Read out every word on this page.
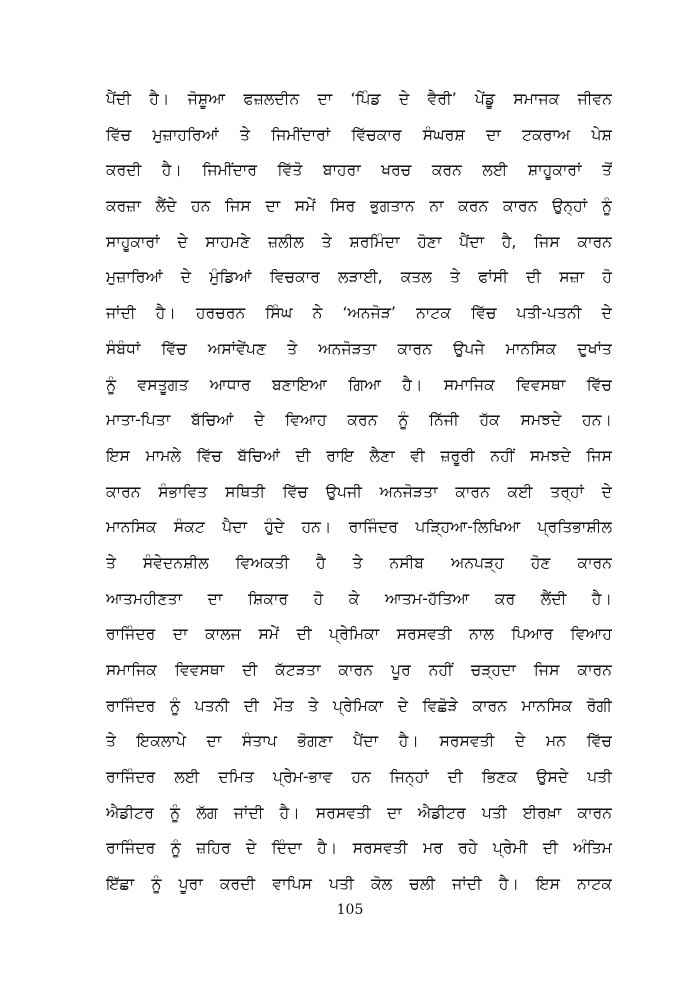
ਪੈਂਦੀ ਹੈ। ਜੋਸ਼ੂਆ ਫਜ਼ਲਦੀਨ ਦਾ ‘ਪਿੰਡ ਦੇ ਵੈਰੀ’ ਪੇਂਡੂ ਸਮਾਜਕ ਜੀਵਨ
ਵਿੱਚ ਮੁਜ਼ਾਹਰਿਆਂ ਤੇ ਜਿਮੀਂਦਾਰਾਂ ਵਿੱਚਕਾਰ ਸੰਘਰਸ਼ ਦਾ ਟਕਰਾਅ ਪੇਸ਼
ਕਰਦੀ ਹੈ। ਜਿਮੀਂਦਾਰ ਵਿੱਤੋ ਬਾਹਰਾ ਖਰਚ ਕਰਨ ਲਈ ਸ਼ਾਹੂਕਾਰਾਂ ਤੋਂ
ਕਰਜ਼ਾ ਲੈਂਦੇ ਹਨ ਜਿਸ ਦਾ ਸਮੇਂ ਸਿਰ ਭੁਗਤਾਨ ਨਾ ਕਰਨ ਕਾਰਨ ਉਨ੍ਹਾਂ ਨੂੰ
ਸਾਹੂਕਾਰਾਂ ਦੇ ਸਾਹਮਣੇ ਜ਼ਲੀਲ ਤੇ ਸ਼ਰਮਿੰਦਾ ਹੋਣਾ ਪੈਂਦਾ ਹੈ, ਜਿਸ ਕਾਰਨ
ਮੁਜ਼ਾਰਿਆਂ ਦੇ ਮੁੰਡਿਆਂ ਵਿਚਕਾਰ ਲੜਾਈ, ਕਤਲ ਤੇ ਫਾਂਸੀ ਦੀ ਸਜ਼ਾ ਹੋ
ਜਾਂਦੀ ਹੈ। ਹਰਚਰਨ ਸਿੰਘ ਨੇ ‘ਅਨਜੋੜ’ ਨਾਟਕ ਵਿੱਚ ਪਤੀ-ਪਤਨੀ ਦੇ
ਸੰਬੰਧਾਂ ਵਿੱਚ ਅਸਾਂਵੇਂਪਣ ਤੇ ਅਨਜੋੜਤਾ ਕਾਰਨ ਉਪਜੇ ਮਾਨਸਿਕ ਦੁਖਾਂਤ
ਨੂੰ ਵਸਤੂਗਤ ਆਧਾਰ ਬਣਾਇਆ ਗਿਆ ਹੈ। ਸਮਾਜਿਕ ਵਿਵਸਥਾ ਵਿੱਚ
ਮਾਤਾ-ਪਿਤਾ ਬੱਚਿਆਂ ਦੇ ਵਿਆਹ ਕਰਨ ਨੂੰ ਨਿੱਜੀ ਹੱਕ ਸਮਝਦੇ ਹਨ।
ਇਸ ਮਾਮਲੇ ਵਿੱਚ ਬੱਚਿਆਂ ਦੀ ਰਾਇ ਲੈਣਾ ਵੀ ਜ਼ਰੂਰੀ ਨਹੀਂ ਸਮਝਦੇ ਜਿਸ
ਕਾਰਨ ਸੰਭਾਵਿਤ ਸਥਿਤੀ ਵਿੱਚ ਉਪਜੀ ਅਨਜੋੜਤਾ ਕਾਰਨ ਕਈ ਤਰ੍ਹਾਂ ਦੇ
ਮਾਨਸਿਕ ਸੰਕਟ ਪੈਦਾ ਹੁੰਦੇ ਹਨ। ਰਾਜਿੰਦਰ ਪੜ੍ਹਿਆ-ਲਿਖਿਆ ਪ੍ਰਤਿਭਾਸ਼ੀਲ
ਤੇ ਸੰਵੇਦਨਸ਼ੀਲ ਵਿਅਕਤੀ ਹੈ ਤੇ ਨਸੀਬ ਅਨਪੜ੍ਹ ਹੋਣ ਕਾਰਨ
ਆਤਮਹੀਣਤਾ ਦਾ ਸ਼ਿਕਾਰ ਹੋ ਕੇ ਆਤਮ-ਹੱਤਿਆ ਕਰ ਲੈਂਦੀ ਹੈ।
ਰਾਜਿੰਦਰ ਦਾ ਕਾਲਜ ਸਮੇਂ ਦੀ ਪ੍ਰੇਮਿਕਾ ਸਰਸਵਤੀ ਨਾਲ ਪਿਆਰ ਵਿਆਹ
ਸਮਾਜਿਕ ਵਿਵਸਥਾ ਦੀ ਕੱਟੜਤਾ ਕਾਰਨ ਪੂਰ ਨਹੀਂ ਚੜ੍ਹਦਾ ਜਿਸ ਕਾਰਨ
ਰਾਜਿੰਦਰ ਨੂੰ ਪਤਨੀ ਦੀ ਮੌਤ ਤੇ ਪ੍ਰੇਮਿਕਾ ਦੇ ਵਿਛੋੜੇ ਕਾਰਨ ਮਾਨਸਿਕ ਰੋਗੀ
ਤੇ ਇਕਲਾਪੇ ਦਾ ਸੰਤਾਪ ਭੋਗਣਾ ਪੈਂਦਾ ਹੈ। ਸਰਸਵਤੀ ਦੇ ਮਨ ਵਿੱਚ
ਰਾਜਿੰਦਰ ਲਈ ਦਮਿਤ ਪ੍ਰੇਮ-ਭਾਵ ਹਨ ਜਿਨ੍ਹਾਂ ਦੀ ਭਿਣਕ ਉਸਦੇ ਪਤੀ
ਐਡੀਟਰ ਨੂੰ ਲੱਗ ਜਾਂਦੀ ਹੈ। ਸਰਸਵਤੀ ਦਾ ਐਡੀਟਰ ਪਤੀ ਈਰਖ਼ਾ ਕਾਰਨ
ਰਾਜਿੰਦਰ ਨੂੰ ਜ਼ਹਿਰ ਦੇ ਦਿੰਦਾ ਹੈ। ਸਰਸਵਤੀ ਮਰ ਰਹੇ ਪ੍ਰੇਮੀ ਦੀ ਅੰਤਿਮ
ਇੱਛਾ ਨੂੰ ਪੂਰਾ ਕਰਦੀ ਵਾਪਿਸ ਪਤੀ ਕੋਲ ਚਲੀ ਜਾਂਦੀ ਹੈ। ਇਸ ਨਾਟਕ
105
